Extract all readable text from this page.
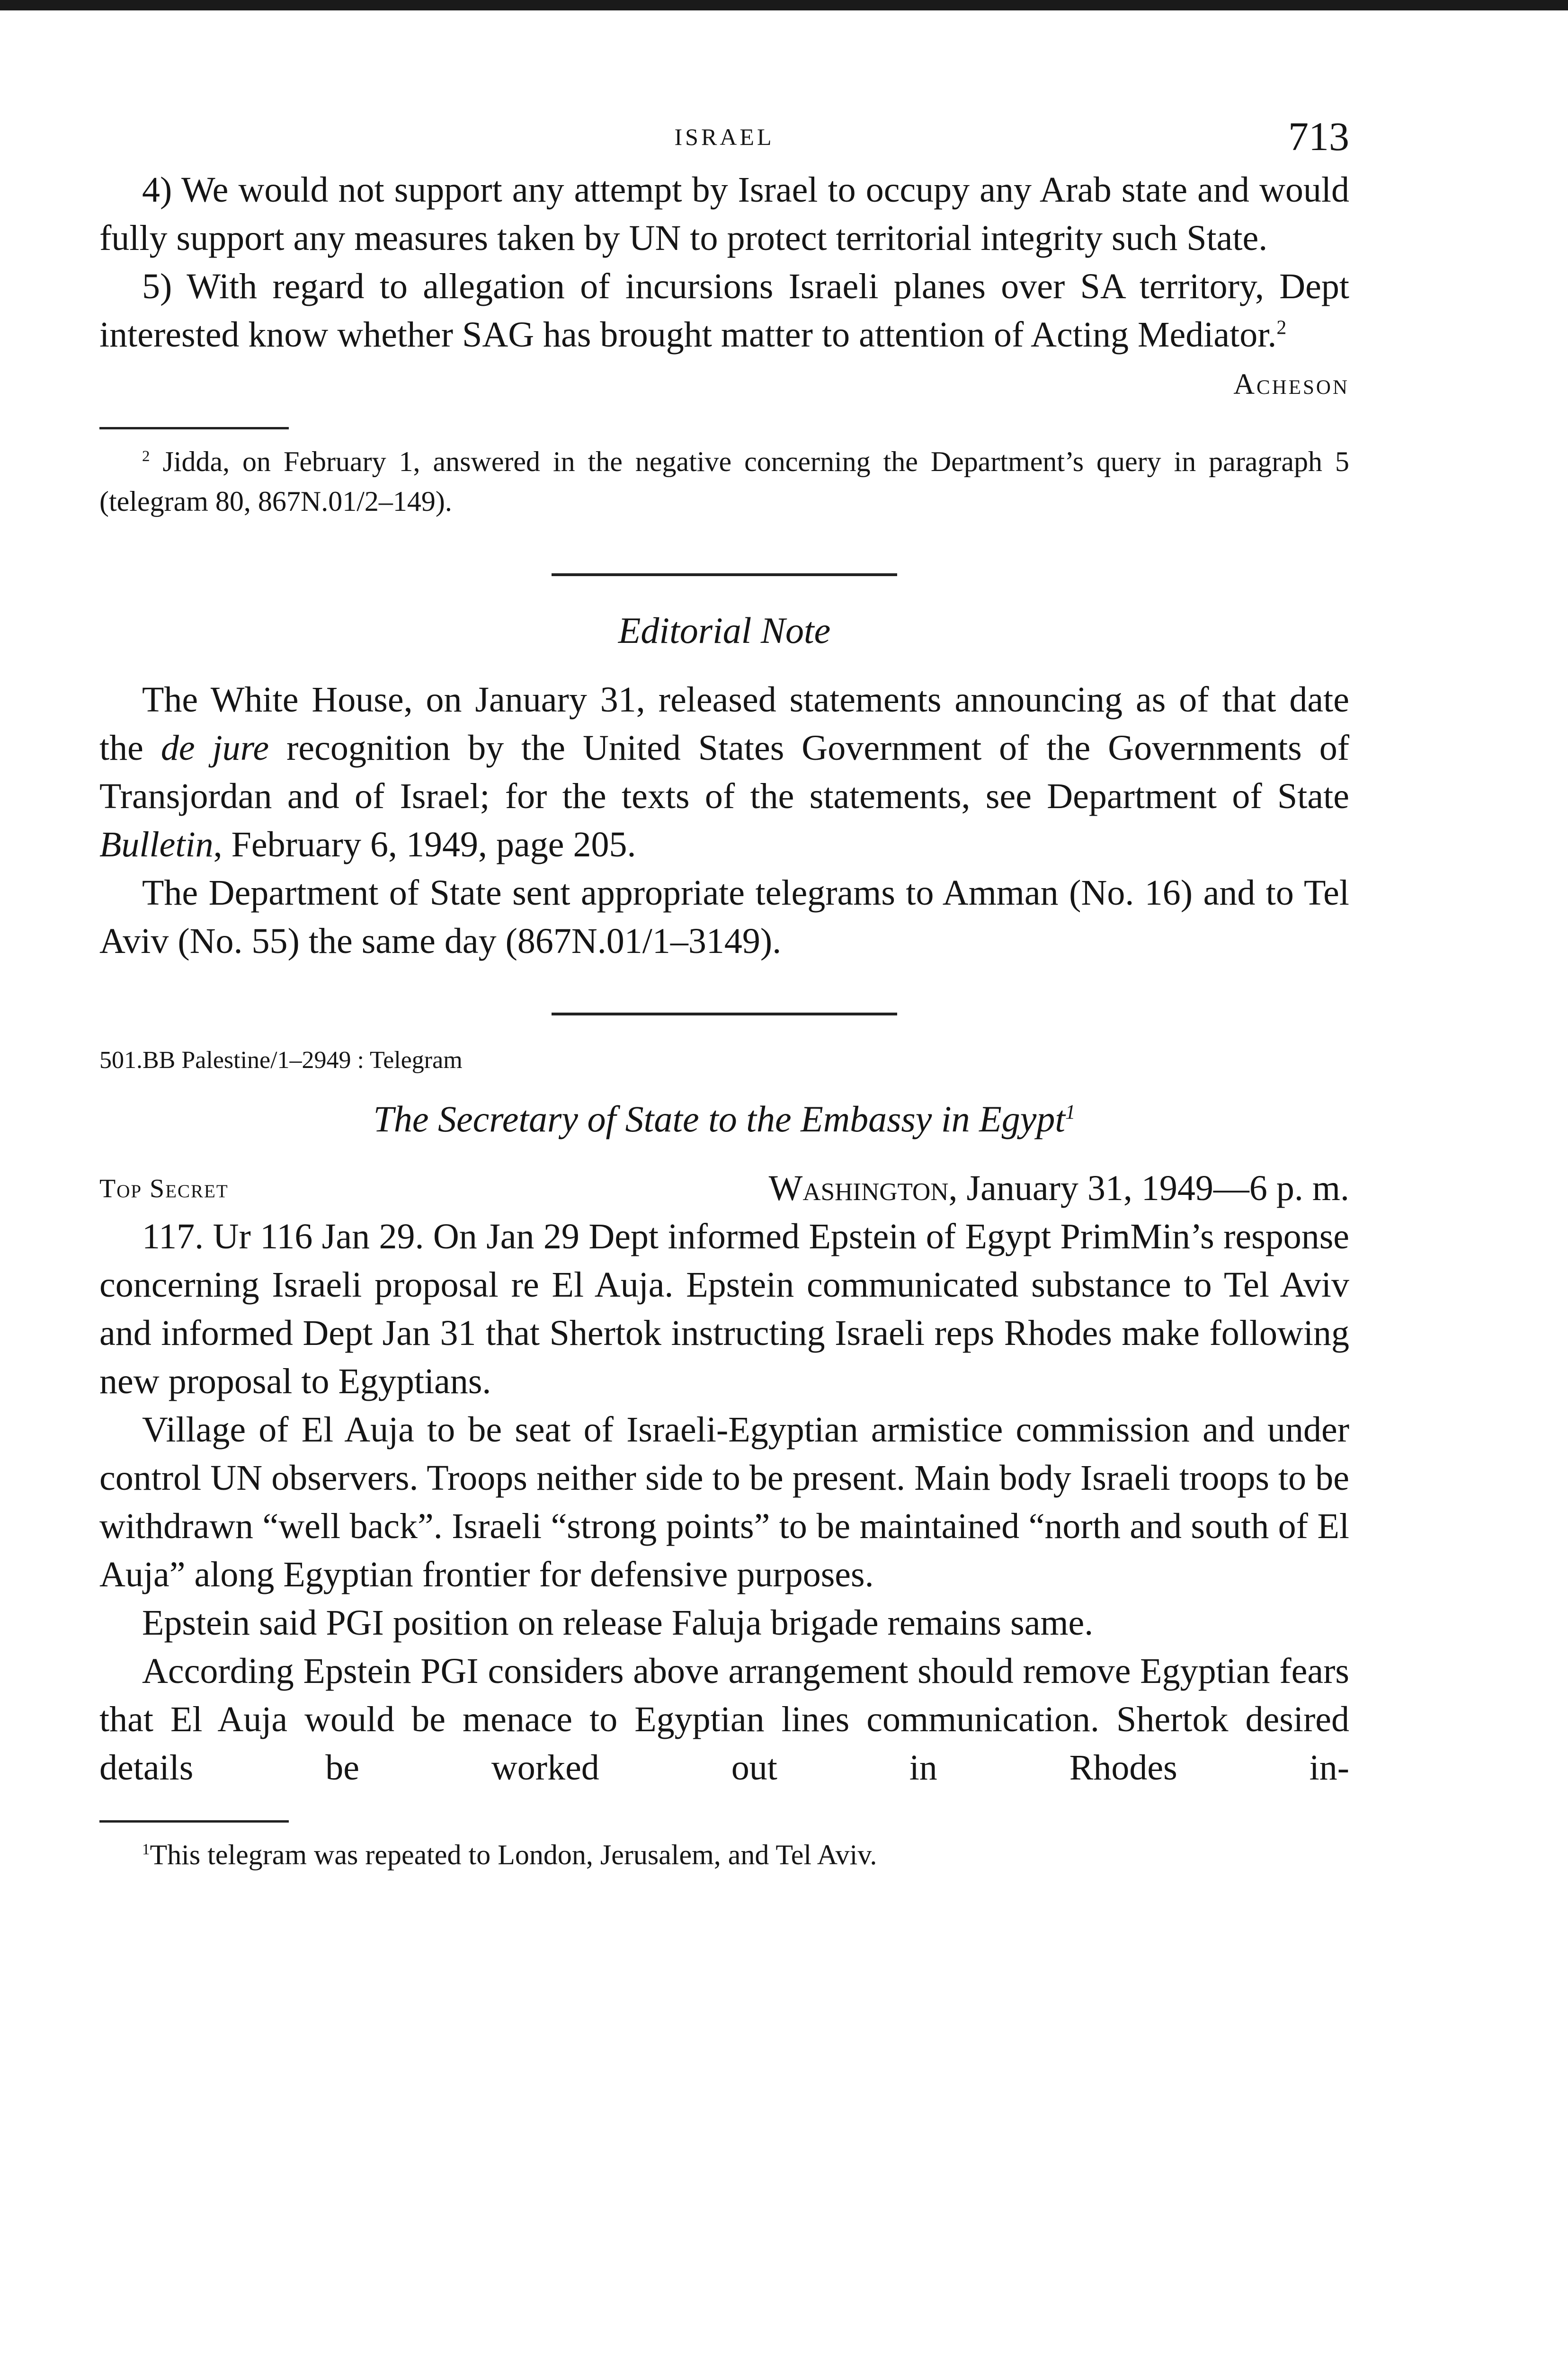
ISRAEL	713

4) We would not support any attempt by Israel to occupy any Arab state and would fully support any measures taken by UN to protect territorial integrity such State.

5) With regard to allegation of incursions Israeli planes over SA territory, Dept interested know whether SAG has brought matter to attention of Acting Mediator.$^2$

Acheson

$^2$ Jidda, on February 1, answered in the negative concerning the Department’s query in paragraph 5 (telegram 80, 867N.01/2–149).

Editorial Note

The White House, on January 31, released statements announcing as of that date the de jure recognition by the United States Government of the Governments of Transjordan and of Israel; for the texts of the statements, see Department of State Bulletin, February 6, 1949, page 205.

The Department of State sent appropriate telegrams to Amman (No. 16) and to Tel Aviv (No. 55) the same day (867N.01/1–3149).

501.BB Palestine/1–2949 : Telegram
The Secretary of State to the Embassy in Egypt$^1$
Top Secret	Washington, January 31, 1949—6 p. m.

117. Ur 116 Jan 29. On Jan 29 Dept informed Epstein of Egypt PrimMin’s response concerning Israeli proposal re El Auja. Epstein communicated substance to Tel Aviv and informed Dept Jan 31 that Shertok instructing Israeli reps Rhodes make following new proposal to Egyptians.

Village of El Auja to be seat of Israeli-Egyptian armistice commission and under control UN observers. Troops neither side to be present. Main body Israeli troops to be withdrawn “well back”. Israeli “strong points” to be maintained “north and south of El Auja” along Egyptian frontier for defensive purposes.

Epstein said PGI position on release Faluja brigade remains same.

According Epstein PGI considers above arrangement should remove Egyptian fears that El Auja would be menace to Egyptian lines communication. Shertok desired details be worked out in Rhodes in-

$^1$This telegram was repeated to London, Jerusalem, and Tel Aviv.
